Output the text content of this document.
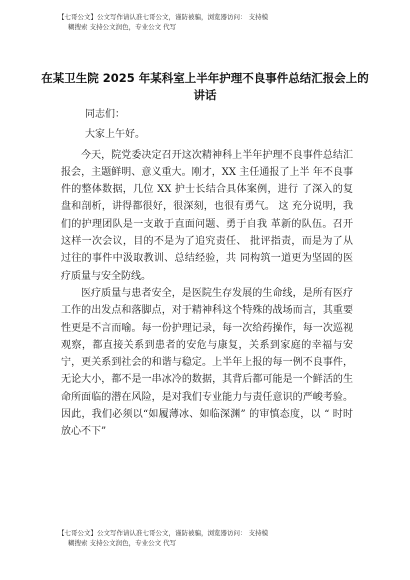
【七哥公文】公文写作请认准七哥公文，谨防被骗，浏览器访问： 支持模
糊搜索 支持公文润色，专业公文 代写
在某卫生院 2025 年某科室上半年护理不良事件总结汇报会上的讲话

同志们：

大家上午好。

今天，院党委决定召开这次精神科上半年护理不良事件总结汇报会，主题鲜明、意义重大。刚才，XX 主任通报了上半 年不良事件的整体数据，几位 XX 护士长结合具体案例，进行 了深入的复盘和剖析，讲得都很好，很深刻，也很有勇气。 这 充分说明，我们的护理团队是一支敢于直面问题、勇于自我 革新的队伍。召开这样一次会议，目的不是为了追究责任、 批评指责，而是为了从过往的事件中汲取教训、总结经验，共 同构筑一道更为坚固的医疗质量与安全防线。

医疗质量与患者安全，是医院生存发展的生命线，是所有医疗工作的出发点和落脚点，对于精神科这个特殊的战场而言，其重要性更是不言而喻。每一份护理记录，每一次给药操作，每一次巡视观察，都直接关系到患者的安危与康复，关系到家庭的幸福与安宁，更关系到社会的和谐与稳定。上半年上报的每一例不良事件，无论大小，都不是一串冰冷的数据，其背后都可能是一个鲜活的生命所面临的潜在风险，是对我们专业能力与责任意识的严峻考验。 因此，我们必须以“如履薄冰、如临深渊” 的审慎态度，以 “ 时时放心不下”

【七哥公文】公文写作请认准七哥公文，谨防被骗，浏览器访问： 支持模
糊搜索 支持公文润色，专业公文 代写
